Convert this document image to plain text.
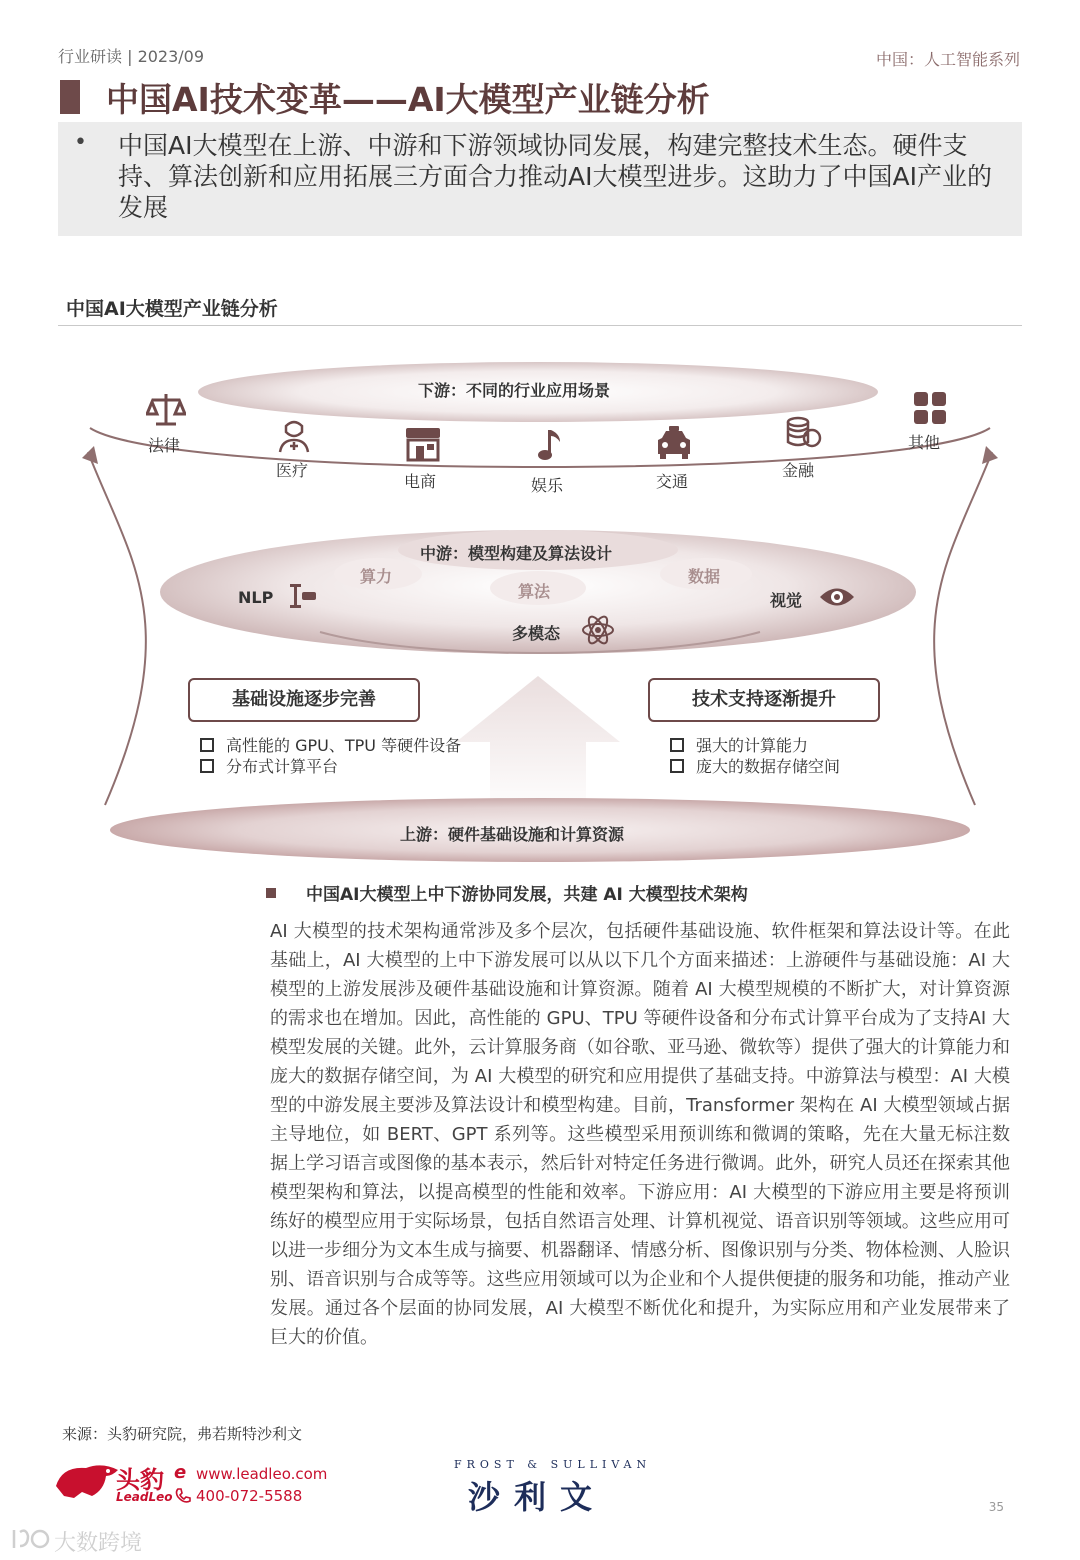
行业研读 | 2023/09	中国：人工智能系列
中国AI技术变革——AI大模型产业链分析
• 中国AI大模型在上游、中游和下游领域协同发展，构建完整技术生态。硬件支持、算法创新和应用拓展三方面合力推动AI大模型进步。这助力了中国AI产业的发展
中国AI大模型产业链分析
下游：不同的行业应用场景
法律
医疗
电商	娱乐	交通
金融
其他
中游：模型构建及算法设计
算力
算法
数据
NLP	视觉
多模态
基础设施逐步完善
高性能的 GPU、TPU 等硬件设备
分布式计算平台
技术支持逐渐提升
强大的计算能力
庞大的数据存储空间
上游：硬件基础设施和计算资源
中国AI大模型上中下游协同发展，共建 AI 大模型技术架构
AI 大模型的技术架构通常涉及多个层次，包括硬件基础设施、软件框架和算法设计等。在此基础上，AI 大模型的上中下游发展可以从以下几个方面来描述：上游硬件与基础设施：AI 大模型的上游发展涉及硬件基础设施和计算资源。随着 AI 大模型规模的不断扩大，对计算资源的需求也在增加。因此，高性能的 GPU、TPU 等硬件设备和分布式计算平台成为了支持AI 大模型发展的关键。此外，云计算服务商（如谷歌、亚马逊、微软等）提供了强大的计算能力和庞大的数据存储空间，为 AI 大模型的研究和应用提供了基础支持。中游算法与模型：AI 大模型的中游发展主要涉及算法设计和模型构建。目前，Transformer 架构在 AI 大模型领域占据主导地位，如 BERT、GPT 系列等。这些模型采用预训练和微调的策略，先在大量无标注数据上学习语言或图像的基本表示，然后针对特定任务进行微调。此外，研究人员还在探索其他模型架构和算法，以提高模型的性能和效率。下游应用：AI 大模型的下游应用主要是将预训练好的模型应用于实际场景，包括自然语言处理、计算机视觉、语音识别等领域。这些应用可以进一步细分为文本生成与摘要、机器翻译、情感分析、图像识别与分类、物体检测、人脸识别、语音识别与合成等等。这些应用领域可以为企业和个人提供便捷的服务和功能，推动产业发展。通过各个层面的协同发展，AI 大模型不断优化和提升，为实际应用和产业发展带来了巨大的价值。
来源：头豹研究院，弗若斯特沙利文
头豹
LeadLeo
e www.leadleo.com
400-072-5588
FROST & SULLIVAN
沙利文	35
大数跨境
